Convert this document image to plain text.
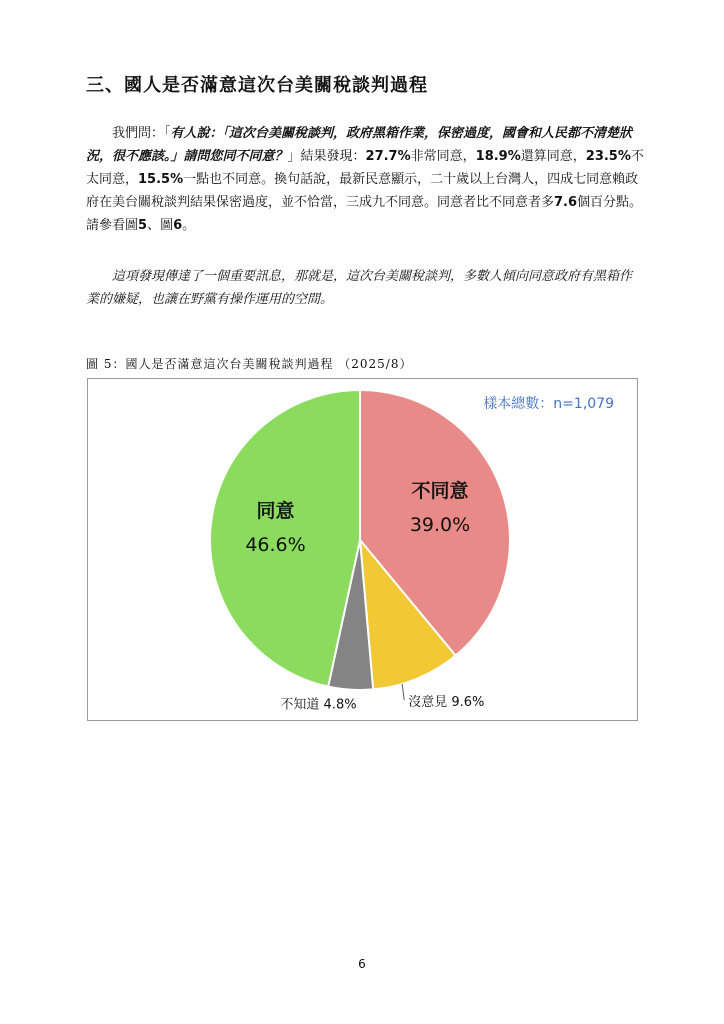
三、國人是否滿意這次台美關稅談判過程
我們問：「有人說：「這次台美關稅談判，政府黑箱作業，保密過度，國會和人民都不清楚狀況，很不應該。」請問您同不同意？」結果發現：27.7%非常同意，18.9%還算同意，23.5%不太同意，15.5%一點也不同意。換句話說，最新民意顯示，二十歲以上台灣人，四成七同意賴政府在美台關稅談判結果保密過度，並不恰當，三成九不同意。同意者比不同意者多7.6個百分點。請參看圖5、圖6。
這項發現傳達了一個重要訊息，那就是，這次台美關稅談判，多數人傾向同意政府有黑箱作業的嫌疑，也讓在野黨有操作運用的空間。
圖 5：國人是否滿意這次台美關稅談判過程 （2025/8）
不同意
39.0%
同意
46.6%
沒意見 9.6%
不知道 4.8%
樣本總數：n=1,079
6
